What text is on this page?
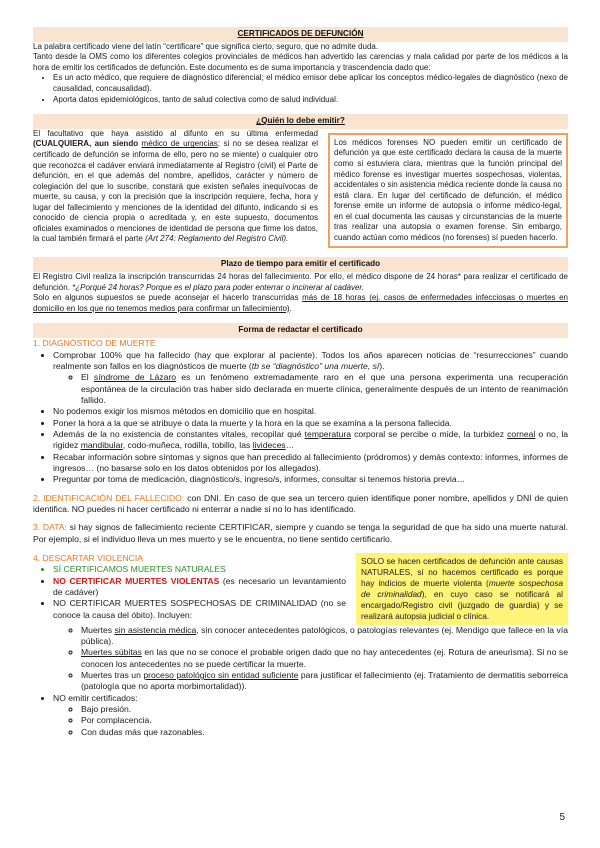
CERTIFICADOS DE DEFUNCIÓN

La palabra certificado viene del latín “certificare” que significa cierto, seguro, que no admite duda.

Tanto desde la OMS como los diferentes colegios provinciales de médicos han advertido las carencias y mala calidad por parte de los médicos a la hora de emitir los certificados de defunción. Este documento es de suma importancia y trascendencia dado que:

• Es un acto médico, que requiere de diagnóstico diferencial; el médico emisor debe aplicar los conceptos médico-legales de diagnóstico (nexo de causalidad, concausalidad).
• Aporta datos epidemiológicos, tanto de salud colectiva como de salud individual.
¿Quién lo debe emitir?

El facultativo que haya asistido al difunto en su última enfermedad (CUALQUIERA, aun siendo médico de urgencias; si no se desea realizar el certificado de defunción se informa de ello, pero no se miente) o cualquier otro que reconozca el cadáver enviará inmediatamente al Registro (civil) el Parte de defunción, en el que además del nombre, apellidos, carácter y número de colegiación del que lo suscribe, constará que existen señales inequívocas de muerte, su causa, y con la precisión que la inscripción requiere, fecha, hora y lugar del fallecimiento y menciones de la identidad del difunto, indicando si es conocido de ciencia propia o acreditada y, en este supuesto, documentos oficiales examinados o menciones de identidad de persona que firme los datos, la cual también firmará el parte (Art 274: Reglamento del Registro Civil).

Los médicos forenses NO pueden emitir un certificado de defunción ya que este certificado declara la causa de la muerte como si estuviera clara, mientras que la función principal del médico forense es investigar muertes sospechosas, violentas, accidentales o sin asistencia médica reciente donde la causa no está clara. En lugar del certificado de defunción, el médico forense emite un informe de autopsia o informe médico-legal, en el cual documenta las causas y circunstancias de la muerte tras realizar una autopsia o examen forense. Sin embargo, cuando actúan como médicos (no forenses) sí pueden hacerlo.
Plazo de tiempo para emitir el certificado

El Registro Civil realiza la inscripción transcurridas 24 horas del fallecimiento. Por ello, el médico dispone de 24 horas* para realizar el certificado de defunción. *¿Porqué 24 horas? Porque es el plazo para poder enterrar o incinerar al cadáver.

Solo en algunos supuestos se puede aconsejar el hacerlo transcurridas más de 18 horas (ej. casos de enfermedades infecciosas o muertes en domicilio en los que no tenemos medios para confirmar un fallecimiento).

Forma de redactar el certificado
1. DIAGNÓSTICO DE MUERTE
• Comprobar 100% que ha fallecido (hay que explorar al paciente). Todos los años aparecen noticias de “resurrecciones” cuando realmente son fallos en los diagnósticos de muerte (tb se “diagnóstico” una muerte, sí).
◦ El síndrome de Lázaro es un fenómeno extremadamente raro en el que una persona experimenta una recuperación espontánea de la circulación tras haber sido declarada en muerte clínica, generalmente después de un intento de reanimación fallido.
• No podemos exigir los mismos métodos en domicilio que en hospital.
• Poner la hora a la que se atribuye o data la muerte y la hora en la que se examina a la persona fallecida.
• Además de la no existencia de constantes vitales, recopilar qué temperatura corporal se percibe o mide, la turbidez corneal o no, la rigidez mandibular, codo-muñeca, rodilla, tobillo, las livideces…
• Recabar información sobre síntomas y signos que han precedido al fallecimiento (pródromos) y demás contexto: informes, informes de ingresos… (no basarse solo en los datos obtenidos por los allegados).
• Preguntar por toma de medicación, diagnóstico/s, ingreso/s, informes, consultar si tenemos historia previa…

2. IDENTIFICACIÓN DEL FALLECIDO: con DNI. En caso de que sea un tercero quien identifique poner nombre, apellidos y DNI de quien identifica. NO puedes ni hacer certificado ni enterrar a nadie si no lo has identificado.

3. DATA: si hay signos de fallecimiento reciente CERTIFICAR, siempre y cuando se tenga la seguridad de que ha sido una muerte natural. Por ejemplo, si el individuo lleva un mes muerto y se le encuentra, no tiene sentido certificarlo.

4. DESCARTAR VIOLENCIA
• SÍ CERTIFICAMOS MUERTES NATURALES
• NO CERTIFICAR MUERTES VIOLENTAS (es necesario un levantamiento de cadáver)
• NO CERTIFICAR MUERTES SOSPECHOSAS DE CRIMINALIDAD (no se conoce la causa del óbito). Incluyen:
SOLO se hacen certificados de defunción ante causas NATURALES, si no hacemos certificado es porque hay indicios de muerte violenta (muerte sospechosa de criminalidad), en cuyo caso se notificará al encargado/Registro civil (juzgado de guardia) y se realizará autopsia judicial o clínica.
◦ Muertes sin asistencia médica, sin conocer antecedentes patológicos, o patologías relevantes (ej. Mendigo que fallece en la vía pública).
◦ Muertes súbitas en las que no se conoce el probable origen dado que no hay antecedentes (ej. Rotura de aneurisma). Si no se conocen los antecedentes no se puede certificar la muerte.
◦ Muertes tras un proceso patológico sin entidad suficiente para justificar el fallecimiento (ej. Tratamiento de dermatitis seborreica (patología que no aporta morbimortalidad)).
• NO emitir certificados:
◦ Bajo presión.
◦ Por complacencia.
◦ Con dudas más que razonables.
5
